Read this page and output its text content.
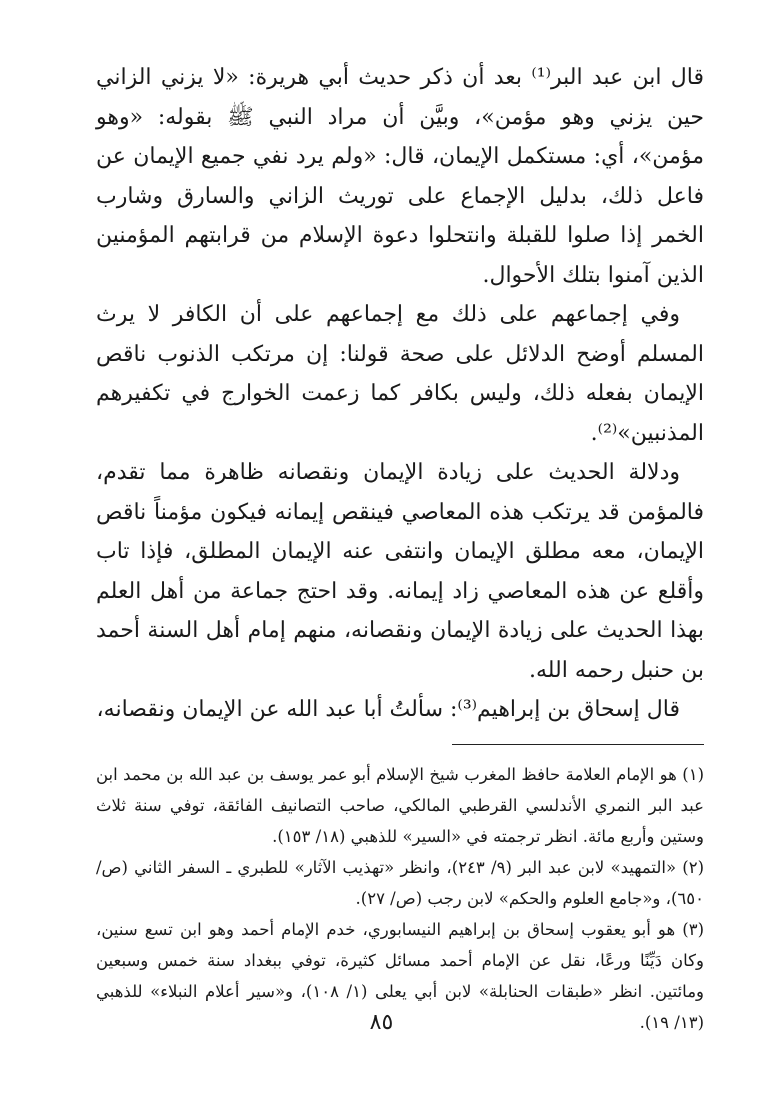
قال ابن عبد البر⁽¹⁾ بعد أن ذكر حديث أبي هريرة: «لا يزني الزاني حين يزني وهو مؤمن»، وبيَّن أن مراد النبي ﷺ بقوله: «وهو مؤمن»، أي: مستكمل الإيمان، قال: «ولم يرد نفي جميع الإيمان عن فاعل ذلك، بدليل الإجماع على توريث الزاني والسارق وشارب الخمر إذا صلوا للقبلة وانتحلوا دعوة الإسلام من قرابتهم المؤمنين الذين آمنوا بتلك الأحوال.

وفي إجماعهم على ذلك مع إجماعهم على أن الكافر لا يرث المسلم أوضح الدلائل على صحة قولنا: إن مرتكب الذنوب ناقص الإيمان بفعله ذلك، وليس بكافر كما زعمت الخوارج في تكفيرهم المذنبين»⁽²⁾.

ودلالة الحديث على زيادة الإيمان ونقصانه ظاهرة مما تقدم، فالمؤمن قد يرتكب هذه المعاصي فينقص إيمانه فيكون مؤمناً ناقص الإيمان، معه مطلق الإيمان وانتفى عنه الإيمان المطلق، فإذا تاب وأقلع عن هذه المعاصي زاد إيمانه. وقد احتج جماعة من أهل العلم بهذا الحديث على زيادة الإيمان ونقصانه، منهم إمام أهل السنة أحمد بن حنبل رحمه الله.

قال إسحاق بن إبراهيم⁽³⁾: سألتُ أبا عبد الله عن الإيمان ونقصانه،

(١) هو الإمام العلامة حافظ المغرب شيخ الإسلام أبو عمر يوسف بن عبد الله بن محمد ابن عبد البر النمري الأندلسي القرطبي المالكي، صاحب التصانيف الفائقة، توفي سنة ثلاث وستين وأربع مائة. انظر ترجمته في «السير» للذهبي (١٨/ ١٥٣).

(٢) «التمهيد» لابن عبد البر (٩/ ٢٤٣)، وانظر «تهذيب الآثار» للطبري ـ السفر الثاني (ص/ ٦٥٠)، و«جامع العلوم والحكم» لابن رجب (ص/ ٢٧).

(٣) هو أبو يعقوب إسحاق بن إبراهيم النيسابوري، خدم الإمام أحمد وهو ابن تسع سنين، وكان دَيِّنًا ورعًا، نقل عن الإمام أحمد مسائل كثيرة، توفي ببغداد سنة خمس وسبعين ومائتين. انظر «طبقات الحنابلة» لابن أبي يعلى (١/ ١٠٨)، و«سير أعلام النبلاء» للذهبي (١٣/ ١٩).

٨٥
